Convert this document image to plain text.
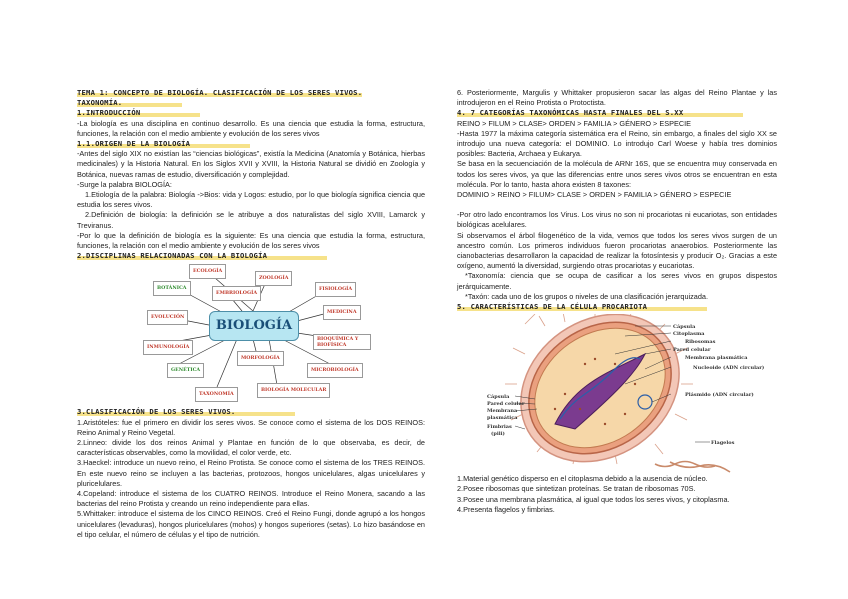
TEMA 1: CONCEPTO DE BIOLOGÍA. CLASIFICACIÓN DE LOS SERES VIVOS. TAXONOMÍA.
1.INTRODUCCIÓN

-La biología es una disciplina en continuo desarrollo. Es una ciencia que estudia la forma, estructura, funciones, la relación con el medio ambiente y evolución de los seres vivos

1.1.ORIGEN DE LA BIOLOGÍA

-Antes del siglo XIX no existían las “ciencias biológicas”, existía la Medicina (Anatomía y Botánica, hierbas medicinales) y la Historia Natural. En los Siglos XVII y XVIII, la Historia Natural se dividió en Zoología y Botánica, nuevas ramas de estudio, diversificación y complejidad.

-Surge la palabra BIOLOGÍA:

1.Etiología de la palabra: Biología ->Bios: vida y Logos: estudio, por lo que biología significa ciencia que estudia los seres vivos.

2.Definición de biología: la definición se le atribuye a dos naturalistas del siglo XVIII, Lamarck y Treviranus.

-Por lo que la definición de biología es la siguiente: Es una ciencia que estudia la forma, estructura, funciones, la relación con el medio ambiente y evolución de los seres vivos

2.DISCIPLINAS RELACIONADAS CON LA BIOLOGÍA
BIOLOGÍA
ECOLOGÍA
ZOOLOGÍA
BOTÁNICA
EMBRIOLOGÍA
FISIOLOGÍA
EVOLUCIÓN
MEDICINA
INMUNOLOGÍA
BIOQUÍMICA Y BIOFÍSICA
GENÉTICA
MORFOLOGÍA
MICROBIOLOGÍA
TAXONOMÍA
BIOLOGÍA MOLECULAR
3.CLASIFICACIÓN DE LOS SERES VIVOS.

1.Aristóteles: fue el primero en dividir los seres vivos. Se conoce como el sistema de los DOS REINOS: Reino Animal y Reino Vegetal.

2.Linneo: divide los dos reinos Animal y Plantae en función de lo que observaba, es decir, de características observables, como la movilidad, el color verde, etc.

3.Haeckel: introduce un nuevo reino, el Reino Protista. Se conoce como el sistema de los TRES REINOS. En este nuevo reino se incluyen a las bacterias, protozoos, hongos unicelulares, algas unicelulares y pluricelulares.

4.Copeland: introduce el sistema de los CUATRO REINOS. Introduce el Reino Monera, sacando a las bacterias del reino Protista y creando un reino independiente para ellas.

5.Whittaker: introduce el sistema de los CINCO REINOS. Creó el Reino Fungi, donde agrupó a los hongos unicelulares (levaduras), hongos pluricelulares (mohos) y hongos superiores (setas). Lo hizo basándose en el tipo celular, el número de células y el tipo de nutrición.

6. Posteriormente, Margulis y Whittaker propusieron sacar las algas del Reino Plantae y las introdujeron en el Reino Protista o Protoctista.

4. 7 CATEGORÍAS TAXONÓMICAS HASTA FINALES DEL S.XX

REINO > FILUM > CLASE> ORDEN > FAMILIA > GÉNERO > ESPECIE

-Hasta 1977 la máxima categoría sistemática era el Reino, sin embargo, a finales del siglo XX se introdujo una nueva categoría: el DOMINIO. Lo introdujo Carl Woese y había tres dominios posibles: Bacteria, Archaea y Eukarya.

Se basa en la secuenciación de la molécula de ARNr 16S, que se encuentra muy conservada en todos los seres vivos, ya que las diferencias entre unos seres vivos otros se encuentran en esta molécula. Por lo tanto, hasta ahora existen 8 taxones:

DOMINIO > REINO > FILUM> CLASE > ORDEN > FAMILIA > GÉNERO > ESPECIE

-Por otro lado encontramos los Virus. Los virus no son ni procariotas ni eucariotas, son entidades biológicas acelulares.

Si observamos el árbol filogenético de la vida, vemos que todos los seres vivos surgen de un ancestro común. Los primeros individuos fueron procariotas anaerobios. Posteriormente las cianobacterias desarrollaron la capacidad de realizar la fotosíntesis y producir O₂. Gracias a este oxígeno, aumentó la diversidad, surgiendo otras procariotas y eucariotas.

*Taxonomía: ciencia que se ocupa de casificar a los seres vivos en grupos dispestos jerárquicamente.

*Taxón: cada uno de los grupos o niveles de una clasificación jerarquizada.

5. CARACTERÍSTICAS DE LA CÉLULA PROCARIOTA
Cápsula
Citoplasma
Ribosomas
Pared celular
Membrana plasmática
Nucleoide (ADN circular)
Plásmido (ADN circular)
Cápsula
Pared celular
Membrana
plasmática
Fimbrias
(pili)
Flagelos

1.Material genético disperso en el citoplasma debido a la ausencia de núcleo.

2.Posee ribosomas que sintetizan proteínas. Se tratan de ribosomas 70S.

3.Posee una membrana plasmática, al igual que todos los seres vivos, y citoplasma.

4.Presenta flagelos y fimbrias.
